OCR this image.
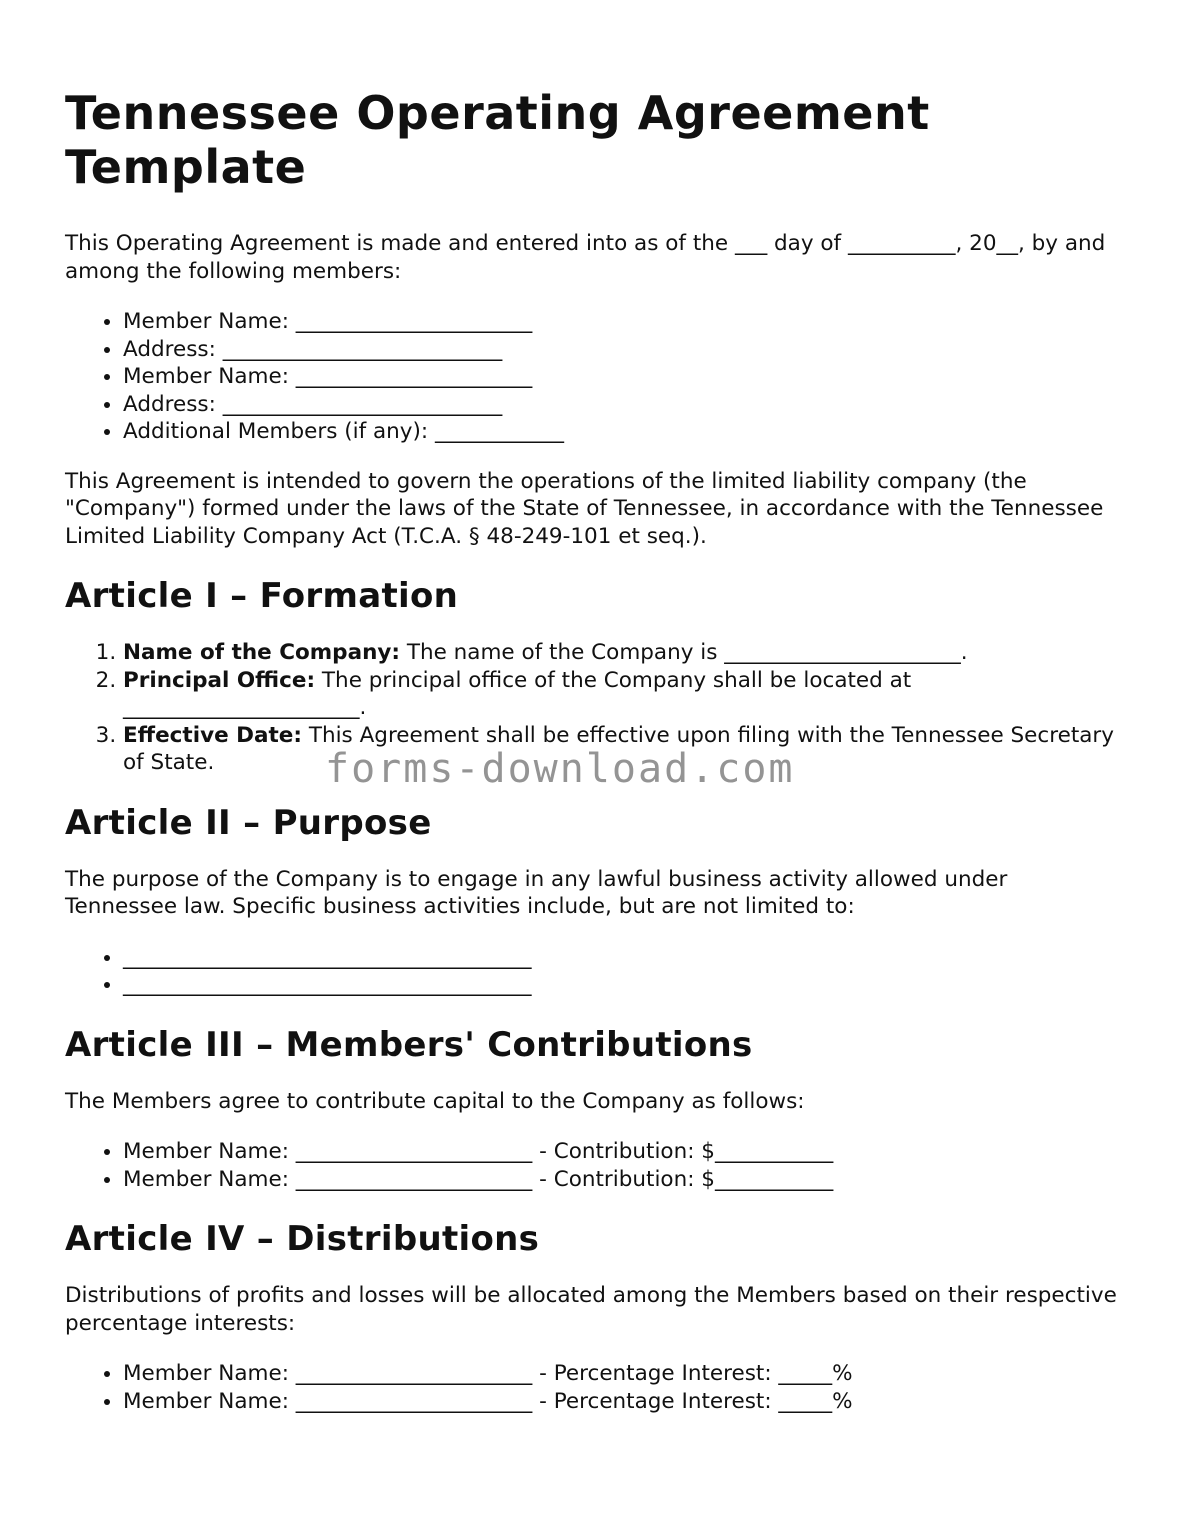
Tennessee Operating Agreement Template

This Operating Agreement is made and entered into as of the ___ day of __________, 20__, by and among the following members:

• Member Name: ______________________
• Address: __________________________
• Member Name: ______________________
• Address: __________________________
• Additional Members (if any): ____________

This Agreement is intended to govern the operations of the limited liability company (the "Company") formed under the laws of the State of Tennessee, in accordance with the Tennessee Limited Liability Company Act (T.C.A. § 48-249-101 et seq.).

Article I – Formation
1. Name of the Company: The name of the Company is ______________________.
2. Principal Office: The principal office of the Company shall be located at ______________________.
3. Effective Date: This Agreement shall be effective upon filing with the Tennessee Secretary of State.
Article II – Purpose

The purpose of the Company is to engage in any lawful business activity allowed under Tennessee law. Specific business activities include, but are not limited to:

• ______________________________________
• ______________________________________
Article III – Members' Contributions

The Members agree to contribute capital to the Company as follows:

• Member Name: ______________________ - Contribution: $___________
• Member Name: ______________________ - Contribution: $___________
Article IV – Distributions

Distributions of profits and losses will be allocated among the Members based on their respective percentage interests:

• Member Name: ______________________ - Percentage Interest: _____%
• Member Name: ______________________ - Percentage Interest: _____%
forms-download.com
